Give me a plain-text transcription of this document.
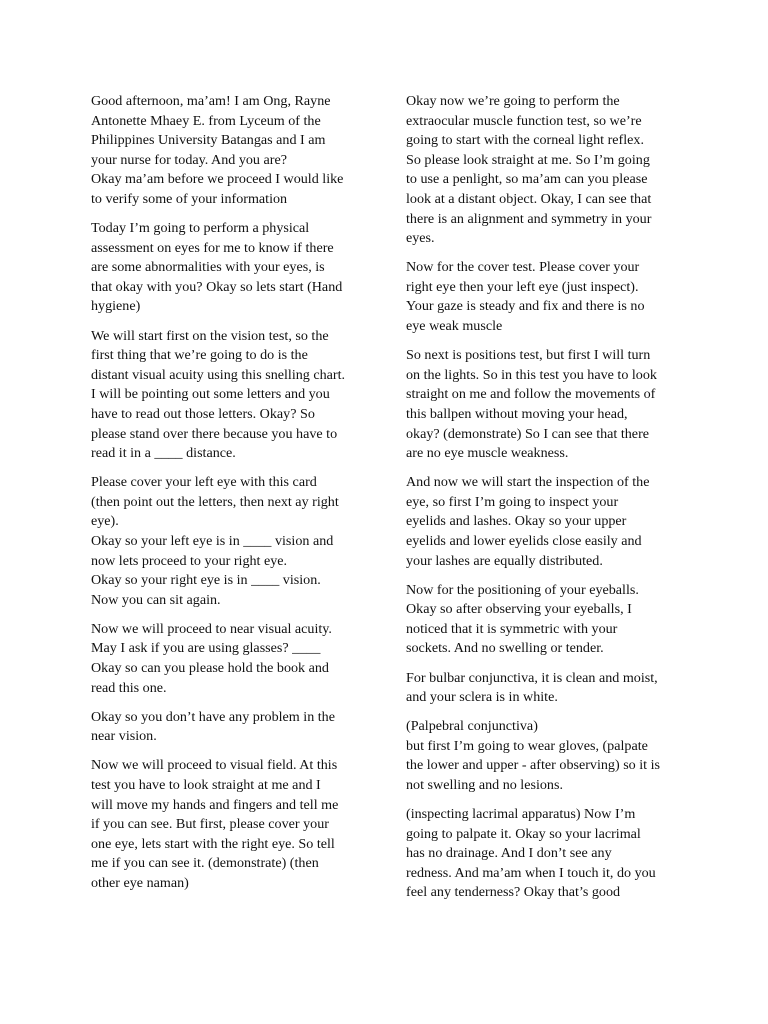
Good afternoon, ma’am! I am Ong, Rayne
Antonette Mhaey E. from Lyceum of the
Philippines University Batangas and I am
your nurse for today. And you are?
Okay ma’am before we proceed I would like
to verify some of your information

Today I’m going to perform a physical
assessment on eyes for me to know if there
are some abnormalities with your eyes, is
that okay with you? Okay so lets start (Hand
hygiene)

We will start first on the vision test, so the
first thing that we’re going to do is the
distant visual acuity using this snelling chart.
I will be pointing out some letters and you
have to read out those letters. Okay? So
please stand over there because you have to
read it in a ____ distance.

Please cover your left eye with this card
(then point out the letters, then next ay right
eye).
Okay so your left eye is in ____ vision and
now lets proceed to your right eye.
Okay so your right eye is in ____ vision.
Now you can sit again.

Now we will proceed to near visual acuity.
May I ask if you are using glasses? ____
Okay so can you please hold the book and
read this one.

Okay so you don’t have any problem in the
near vision.

Now we will proceed to visual field. At this
test you have to look straight at me and I
will move my hands and fingers and tell me
if you can see. But first, please cover your
one eye, lets start with the right eye. So tell
me if you can see it. (demonstrate) (then
other eye naman)

Okay now we’re going to perform the
extraocular muscle function test, so we’re
going to start with the corneal light reflex.
So please look straight at me. So I’m going
to use a penlight, so ma’am can you please
look at a distant object. Okay, I can see that
there is an alignment and symmetry in your
eyes.

Now for the cover test. Please cover your
right eye then your left eye (just inspect).
Your gaze is steady and fix and there is no
eye weak muscle

So next is positions test, but first I will turn
on the lights. So in this test you have to look
straight on me and follow the movements of
this ballpen without moving your head,
okay? (demonstrate) So I can see that there
are no eye muscle weakness.

And now we will start the inspection of the
eye, so first I’m going to inspect your
eyelids and lashes. Okay so your upper
eyelids and lower eyelids close easily and
your lashes are equally distributed.

Now for the positioning of your eyeballs.
Okay so after observing your eyeballs, I
noticed that it is symmetric with your
sockets. And no swelling or tender.

For bulbar conjunctiva, it is clean and moist,
and your sclera is in white.

(Palpebral conjunctiva)
but first I’m going to wear gloves, (palpate
the lower and upper - after observing) so it is
not swelling and no lesions.

(inspecting lacrimal apparatus) Now I’m
going to palpate it. Okay so your lacrimal
has no drainage. And I don’t see any
redness. And ma’am when I touch it, do you
feel any tenderness? Okay that’s good
